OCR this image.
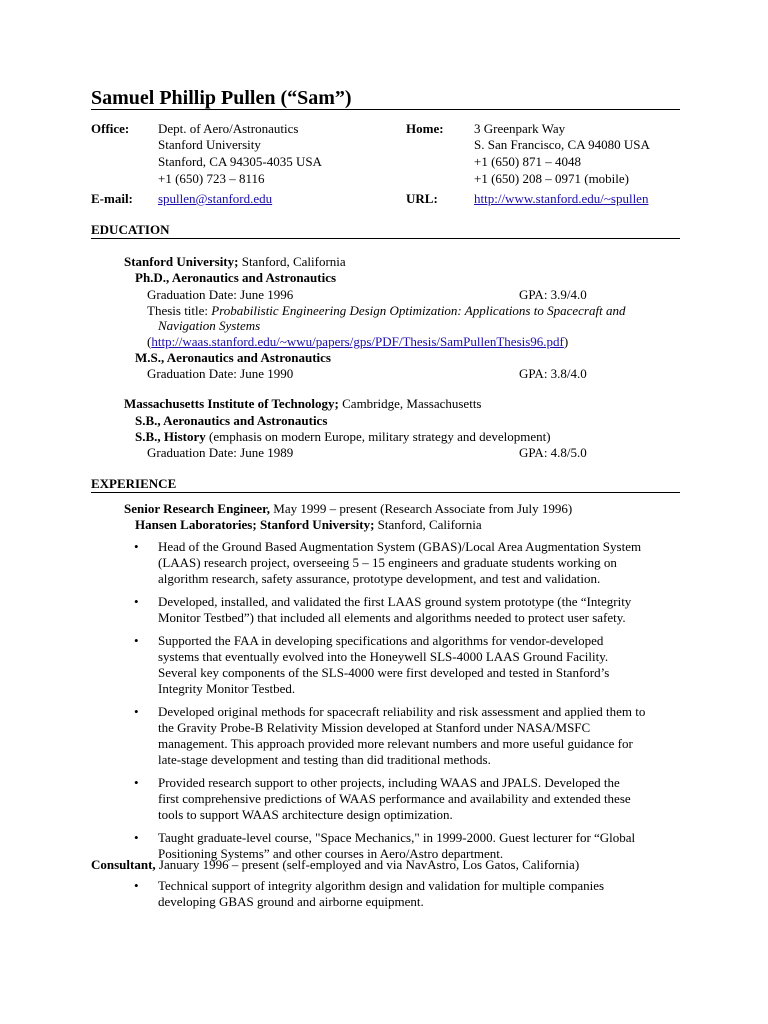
Samuel Phillip Pullen (“Sam”)
Office: Dept. of Aero/Astronautics
Stanford University
Stanford, CA 94305-4035 USA
+1 (650) 723 – 8116
Home: 3 Greenpark Way
S. San Francisco, CA 94080 USA
+1 (650) 871 – 4048
+1 (650) 208 – 0971 (mobile)
E-mail: spullen@stanford.edu	URL:	http://www.stanford.edu/~spullen
EDUCATION
Stanford University; Stanford, California
Ph.D., Aeronautics and Astronautics
Graduation Date: June 1996	GPA: 3.9/4.0
Thesis title: Probabilistic Engineering Design Optimization: Applications to Spacecraft and
Navigation Systems
(http://waas.stanford.edu/~wwu/papers/gps/PDF/Thesis/SamPullenThesis96.pdf)
M.S., Aeronautics and Astronautics
Graduation Date: June 1990	GPA: 3.8/4.0
Massachusetts Institute of Technology; Cambridge, Massachusetts
S.B., Aeronautics and Astronautics
S.B., History (emphasis on modern Europe, military strategy and development)
Graduation Date: June 1989	GPA: 4.8/5.0
EXPERIENCE
Senior Research Engineer, May 1999 – present (Research Associate from July 1996)
Hansen Laboratories; Stanford University; Stanford, California
• Head of the Ground Based Augmentation System (GBAS)/Local Area Augmentation System
(LAAS) research project, overseeing 5 – 15 engineers and graduate students working on
algorithm research, safety assurance, prototype development, and test and validation.
• Developed, installed, and validated the first LAAS ground system prototype (the “Integrity
Monitor Testbed”) that included all elements and algorithms needed to protect user safety.
• Supported the FAA in developing specifications and algorithms for vendor-developed
systems that eventually evolved into the Honeywell SLS-4000 LAAS Ground Facility.
Several key components of the SLS-4000 were first developed and tested in Stanford’s
Integrity Monitor Testbed.
• Developed original methods for spacecraft reliability and risk assessment and applied them to
the Gravity Probe-B Relativity Mission developed at Stanford under NASA/MSFC
management. This approach provided more relevant numbers and more useful guidance for
late-stage development and testing than did traditional methods.
• Provided research support to other projects, including WAAS and JPALS. Developed the
first comprehensive predictions of WAAS performance and availability and extended these
tools to support WAAS architecture design optimization.
• Taught graduate-level course, "Space Mechanics," in 1999-2000. Guest lecturer for “Global
Positioning Systems” and other courses in Aero/Astro department.
Consultant, January 1996 – present (self-employed and via NavAstro, Los Gatos, California)
• Technical support of integrity algorithm design and validation for multiple companies
developing GBAS ground and airborne equipment.
